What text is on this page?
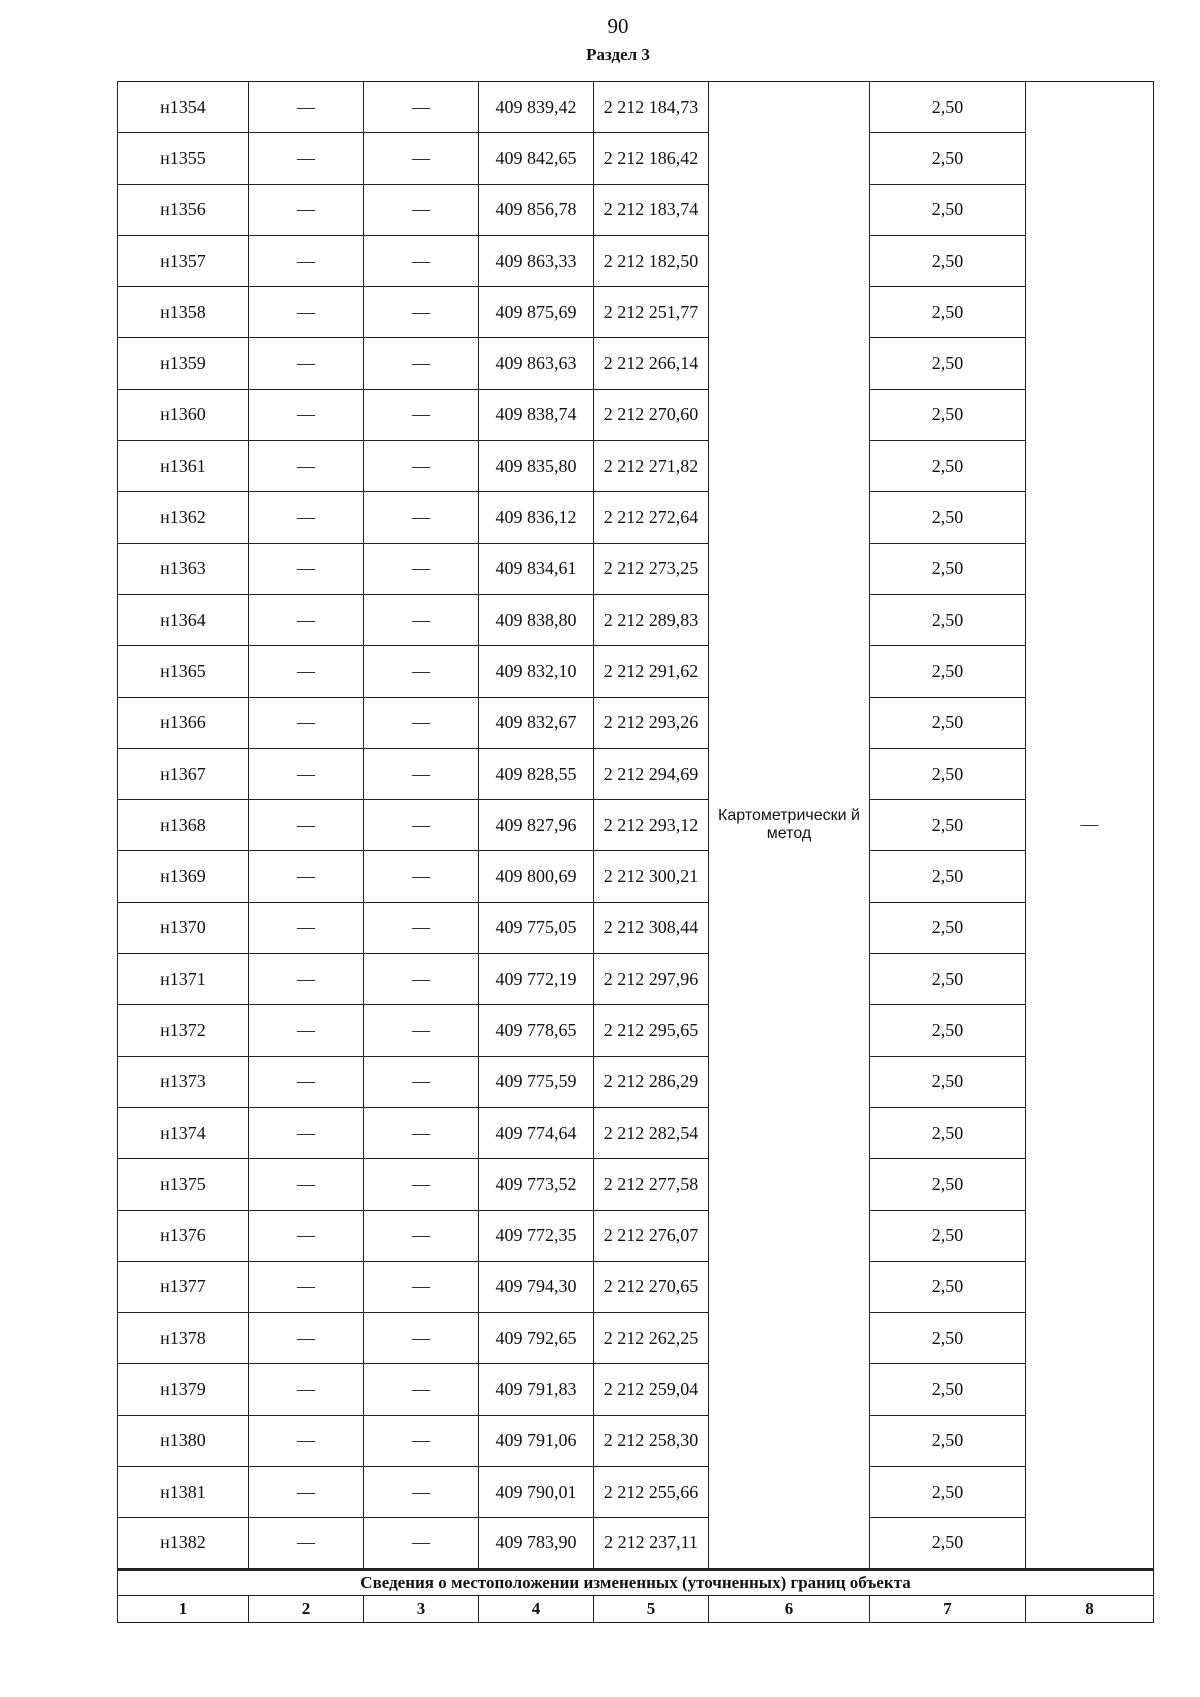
90
Раздел 3
н1354	—	—	409 839,42	2 212 184,73	Картометрически й метод	2,50	—
н1355	—	—	409 842,65	2 212 186,42		2,50	
н1356	—	—	409 856,78	2 212 183,74		2,50	
н1357	—	—	409 863,33	2 212 182,50		2,50	
н1358	—	—	409 875,69	2 212 251,77		2,50	
н1359	—	—	409 863,63	2 212 266,14		2,50	
н1360	—	—	409 838,74	2 212 270,60		2,50	
н1361	—	—	409 835,80	2 212 271,82		2,50	
н1362	—	—	409 836,12	2 212 272,64		2,50	
н1363	—	—	409 834,61	2 212 273,25		2,50	
н1364	—	—	409 838,80	2 212 289,83		2,50	
н1365	—	—	409 832,10	2 212 291,62		2,50	
н1366	—	—	409 832,67	2 212 293,26		2,50	
н1367	—	—	409 828,55	2 212 294,69		2,50	
н1368	—	—	409 827,96	2 212 293,12		2,50	
н1369	—	—	409 800,69	2 212 300,21		2,50	
н1370	—	—	409 775,05	2 212 308,44		2,50	
н1371	—	—	409 772,19	2 212 297,96		2,50	
н1372	—	—	409 778,65	2 212 295,65		2,50	
н1373	—	—	409 775,59	2 212 286,29		2,50	
н1374	—	—	409 774,64	2 212 282,54		2,50	
н1375	—	—	409 773,52	2 212 277,58		2,50	
н1376	—	—	409 772,35	2 212 276,07		2,50	
н1377	—	—	409 794,30	2 212 270,65		2,50	
н1378	—	—	409 792,65	2 212 262,25		2,50	
н1379	—	—	409 791,83	2 212 259,04		2,50	
н1380	—	—	409 791,06	2 212 258,30		2,50	
н1381	—	—	409 790,01	2 212 255,66		2,50	
н1382	—	—	409 783,90	2 212 237,11		2,50	
Сведения о местоположении измененных (уточненных) границ объекта							
1	2	3	4	5	6	7	8
